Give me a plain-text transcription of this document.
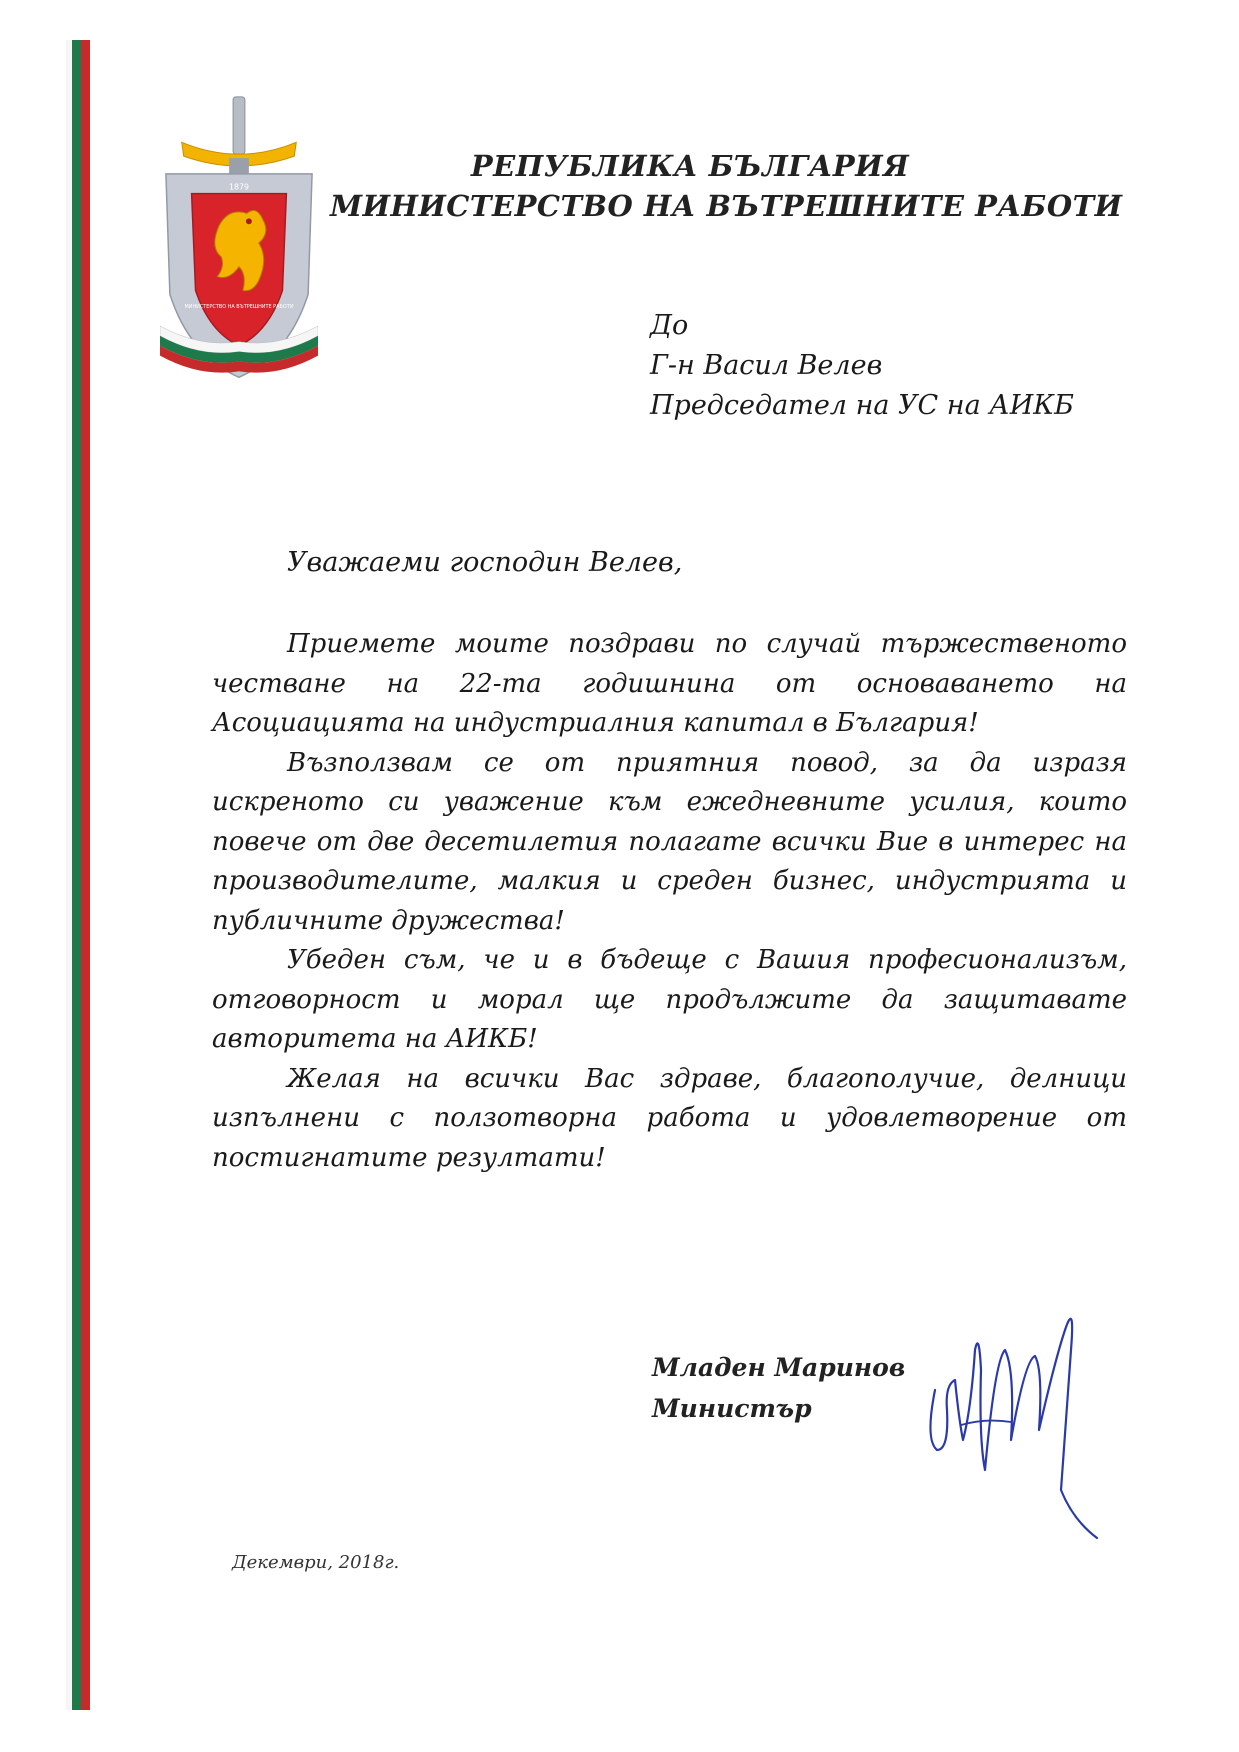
МИНИСТЕРСТВО НА ВЪТРЕШНИТЕ РАБОТИ
1879
РЕПУБЛИКА БЪЛГАРИЯ
МИНИСТЕРСТВО НА ВЪТРЕШНИТЕ РАБОТИ
До
Г-н Васил Велев
Председател на УС на АИКБ
Уважаеми господин Велев,

Приемете моите поздрави по случай тържественото честване на 22-та годишнина от основаването на Асоциацията на индустриалния капитал в България!

Възползвам се от приятния повод, за да изразя искреното си уважение към ежедневните усилия, които повече от две десетилетия полагате всички Вие в интерес на производителите, малкия и среден бизнес, индустрията и публичните дружества!

Убеден съм, че и в бъдеще с Вашия професионализъм, отговорност и морал ще продължите да защитавате авторитета на АИКБ!

Желая на всички Вас здраве, благополучие, делници изпълнени с ползотворна работа и удовлетворение от постигнатите резултати!

Младен Маринов
Министър
Декември, 2018г.
